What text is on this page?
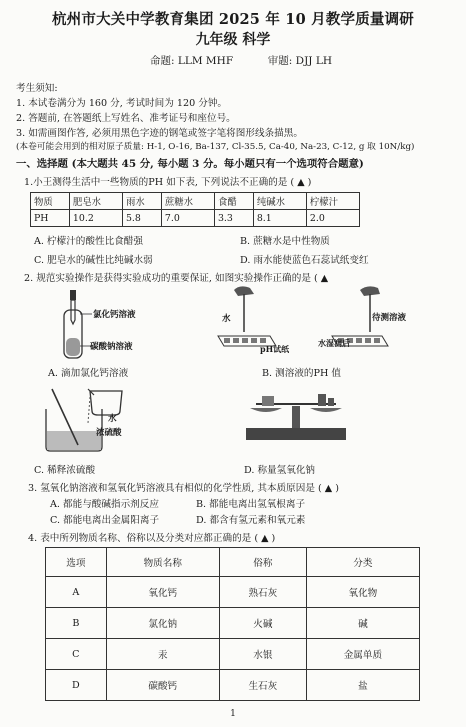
杭州市大关中学教育集团 2025 年 10 月教学质量调研
九年级 科学
命题: LLM MHF	审题: DJJ LH
考生须知:
1. 本试卷满分为 160 分, 考试时间为 120 分钟。
2. 答题前, 在答题纸上写姓名、准考证号和座位号。
3. 如需画图作答, 必须用黑色字迹的钢笔或签字笔将图形线条描黑。
(本卷可能会用到的相对原子质量: H-1, O-16, Ba-137, Cl-35.5, Ca-40, Na-23, C-12, g 取 10N/kg)
一、选择题 (本大题共 45 分, 每小题 3 分。每小题只有一个选项符合题意)
1.小王测得生活中一些物质的PH 如下表, 下列说法不正确的是 ( ▲ )
物质	肥皂水	雨水	蔗糖水	食醋	纯碱水	柠檬汁
PH	10.2	5.8	7.0	3.3	8.1	2.0
A. 柠檬汁的酸性比食醋强	B. 蔗糖水是中性物质
C. 肥皂水的碱性比纯碱水弱	D. 雨水能使蓝色石蕊试纸变红
2. 规范实验操作是获得实验成功的重要保证, 如图实验操作正确的是 ( ▲
氯化钙溶液
碳酸钠溶液
水
pH试纸
待测溶液
水湿润后
A. 滴加氯化钙溶液	B. 测溶液的PH 值
水
浓硫酸
C. 稀释浓硫酸	D. 称量氢氧化钠
3. 氢氧化钠溶液和氢氧化钙溶液具有相似的化学性质, 其本质原因是 ( ▲ )
A. 都能与酸碱指示剂反应	B. 都能电离出氢氧根离子
C. 都能电离出金属阳离子	D. 都含有氢元素和氧元素
4. 表中所列物质名称、俗称以及分类对应都正确的是 ( ▲ )
选项	物质名称	俗称	分类
A	氧化钙	熟石灰	氧化物
B	氯化钠	火碱	碱
C	汞	水银	金属单质
D	碳酸钙	生石灰	盐
1
